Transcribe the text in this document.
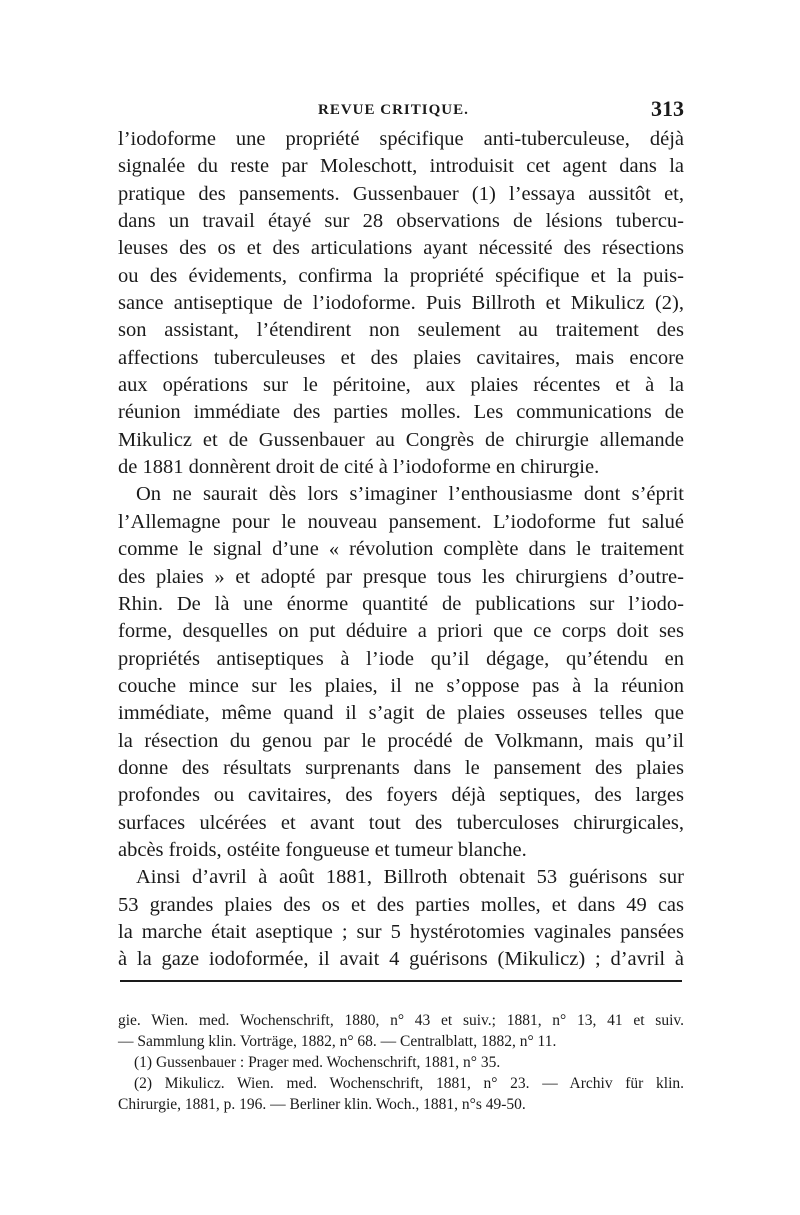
REVUE CRITIQUE.	313
l’iodoforme une propriété spécifique anti-tuberculeuse, déjà
signalée du reste par Moleschott, introduisit cet agent dans la
pratique des pansements. Gussenbauer (1) l’essaya aussitôt et,
dans un travail étayé sur 28 observations de lésions tubercu-
leuses des os et des articulations ayant nécessité des résections
ou des évidements, confirma la propriété spécifique et la puis-
sance antiseptique de l’iodoforme. Puis Billroth et Mikulicz (2),
son assistant, l’étendirent non seulement au traitement des
affections tuberculeuses et des plaies cavitaires, mais encore
aux opérations sur le péritoine, aux plaies récentes et à la
réunion immédiate des parties molles. Les communications de
Mikulicz et de Gussenbauer au Congrès de chirurgie allemande
de 1881 donnèrent droit de cité à l’iodoforme en chirurgie.
On ne saurait dès lors s’imaginer l’enthousiasme dont s’éprit
l’Allemagne pour le nouveau pansement. L’iodoforme fut salué
comme le signal d’une « révolution complète dans le traitement
des plaies » et adopté par presque tous les chirurgiens d’outre-
Rhin. De là une énorme quantité de publications sur l’iodo-
forme, desquelles on put déduire a priori que ce corps doit ses
propriétés antiseptiques à l’iode qu’il dégage, qu’étendu en
couche mince sur les plaies, il ne s’oppose pas à la réunion
immédiate, même quand il s’agit de plaies osseuses telles que
la résection du genou par le procédé de Volkmann, mais qu’il
donne des résultats surprenants dans le pansement des plaies
profondes ou cavitaires, des foyers déjà septiques, des larges
surfaces ulcérées et avant tout des tuberculoses chirurgicales,
abcès froids, ostéite fongueuse et tumeur blanche.
Ainsi d’avril à août 1881, Billroth obtenait 53 guérisons sur
53 grandes plaies des os et des parties molles, et dans 49 cas
la marche était aseptique ; sur 5 hystérotomies vaginales pansées
à la gaze iodoformée, il avait 4 guérisons (Mikulicz) ; d’avril à
gie. Wien. med. Wochenschrift, 1880, n° 43 et suiv.; 1881, n° 13, 41 et suiv.
— Sammlung klin. Vorträge, 1882, n° 68. — Centralblatt, 1882, n° 11.
(1) Gussenbauer : Prager med. Wochenschrift, 1881, n° 35.
(2) Mikulicz. Wien. med. Wochenschrift, 1881, n° 23. — Archiv für klin.
Chirurgie, 1881, p. 196. — Berliner klin. Woch., 1881, n°s 49-50.
